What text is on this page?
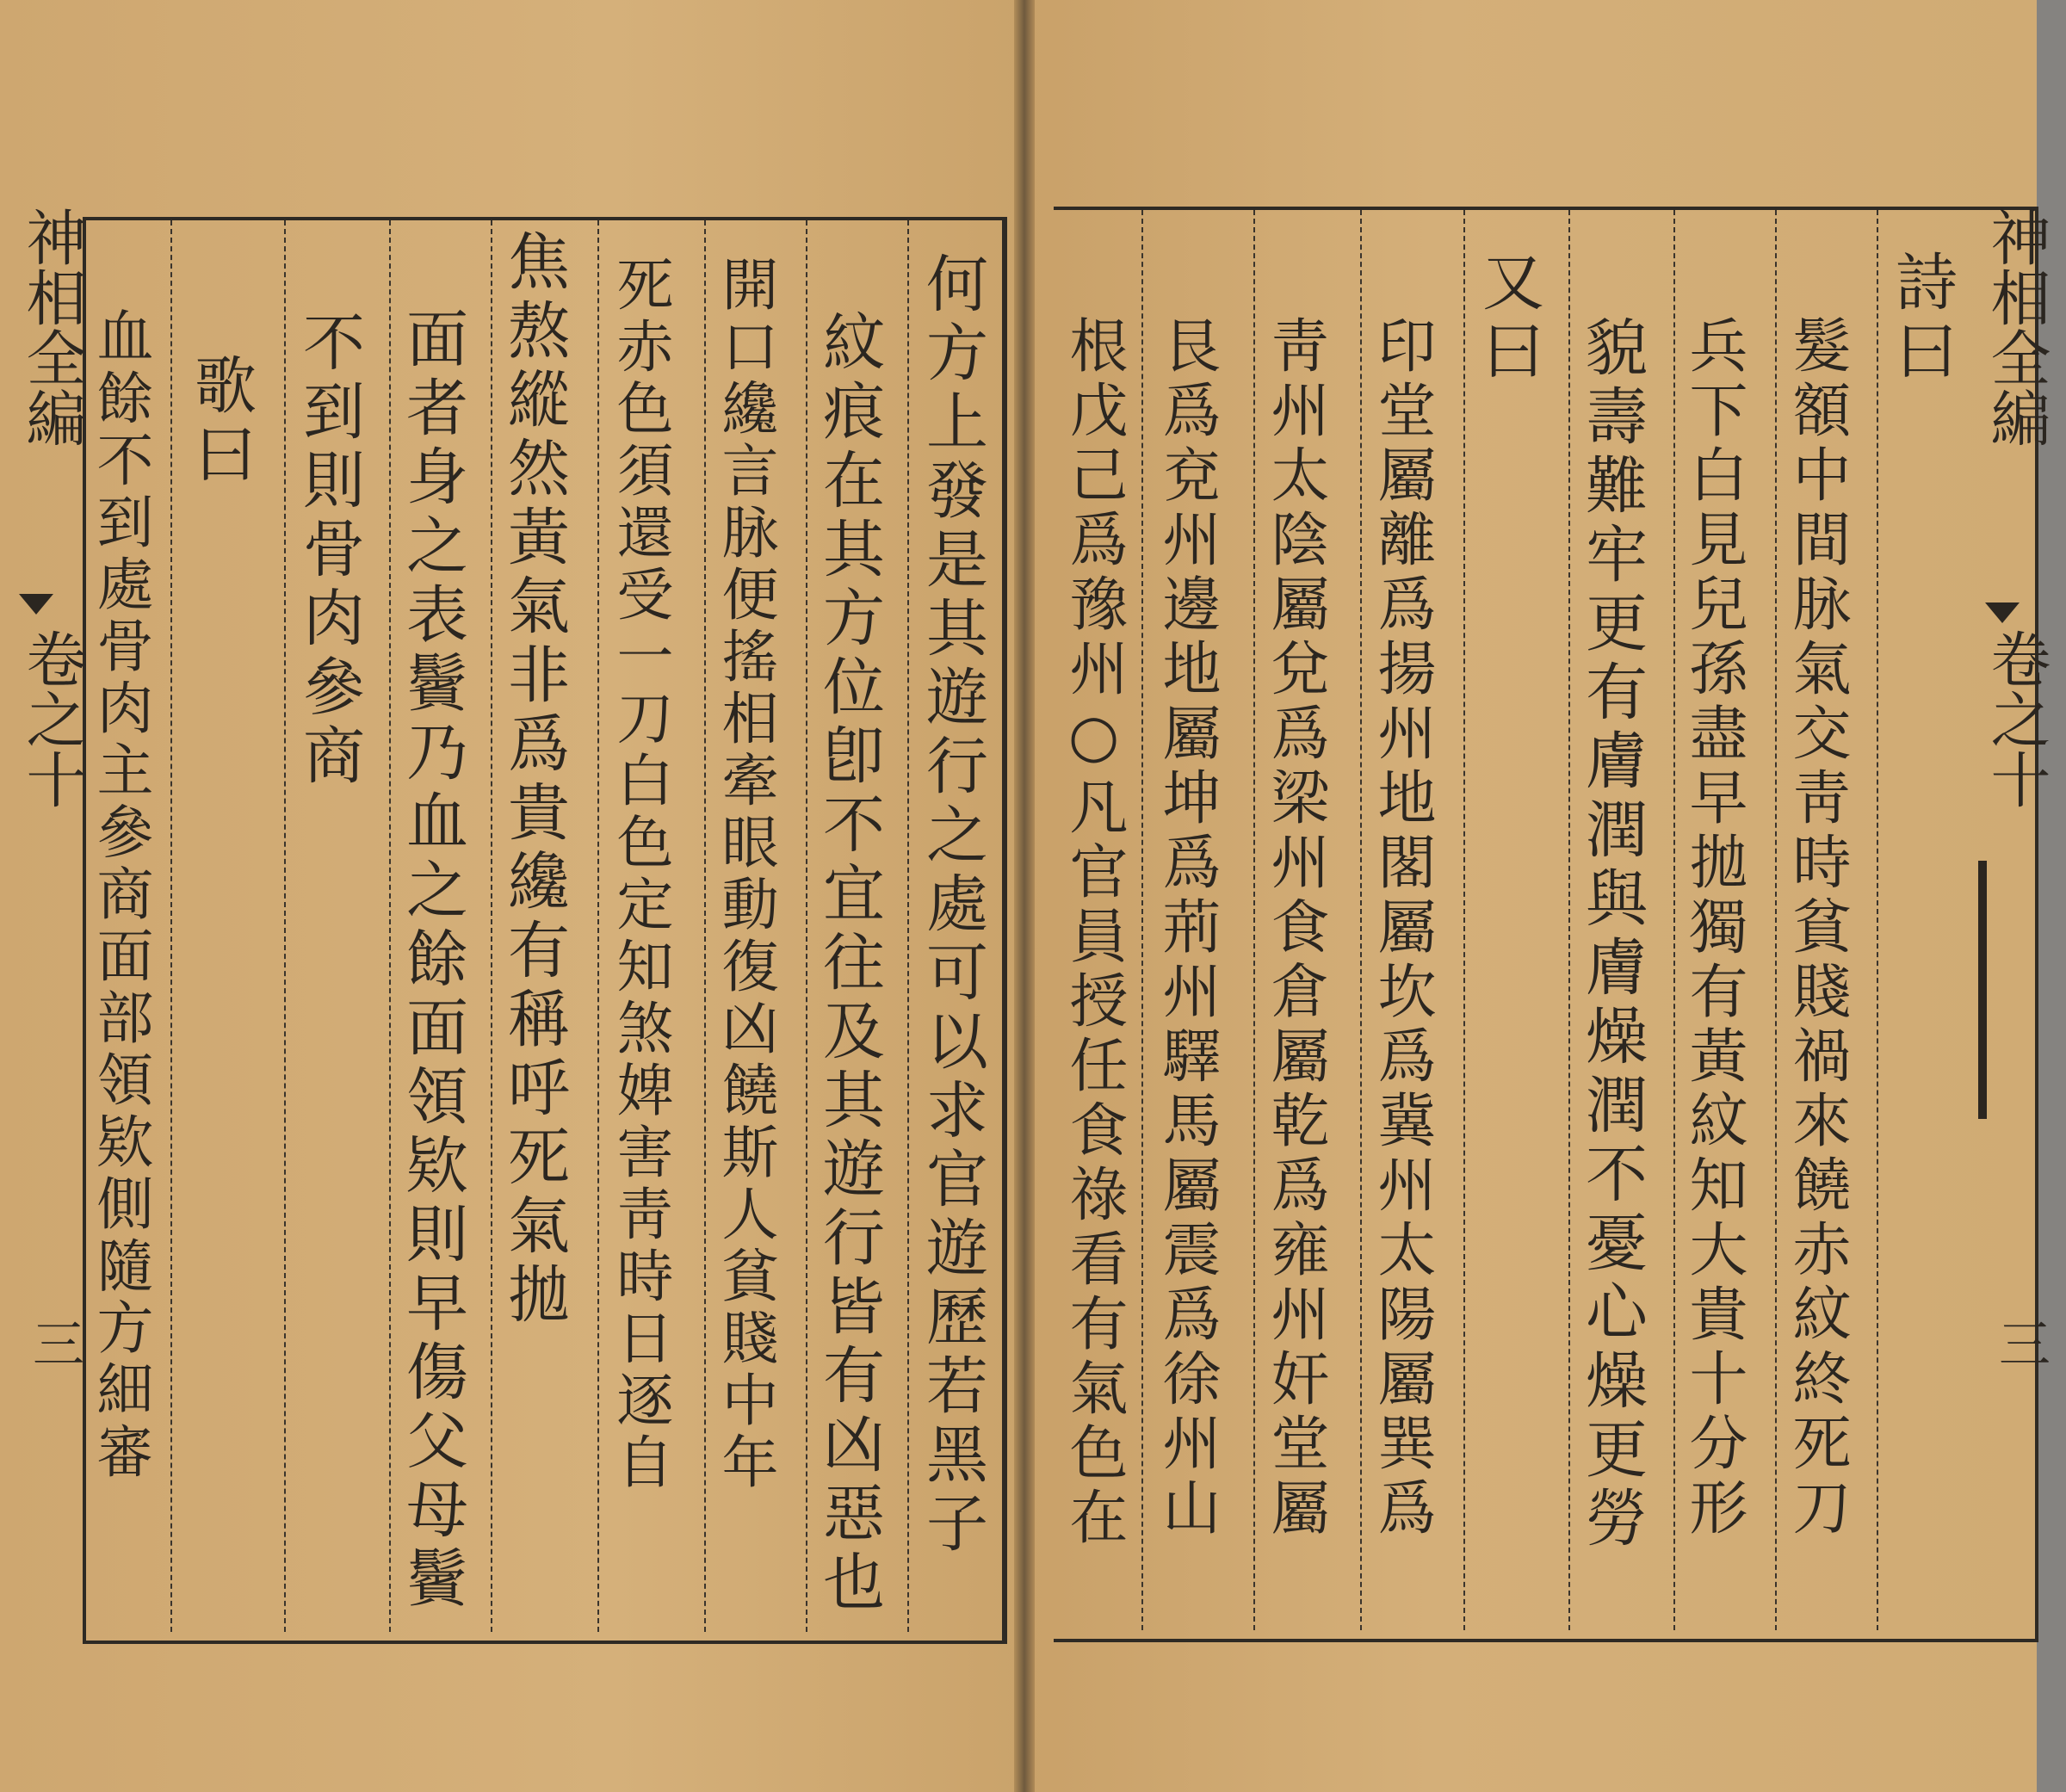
神相全編
卷之十
三
神相全編
卷之十
三
何方上發是其遊行之處可以求官遊歷若黑子
紋痕在其方位卽不宜往及其遊行皆有凶惡也
開口纔言脉便搖相牽眼動復凶饒斯人貧賤中年
死赤色須還受一刀白色定知煞婢害靑時日逐自
焦熬縱然黃氣非爲貴纔有稱呼死氣拋
面者身之表鬢乃血之餘面領欵則早傷父母鬢
不到則骨肉參商
歌曰
血餘不到處骨肉主參商面部領欵側隨方細審	詩曰
髮額中間脉氣交靑時貧賤禍來饒赤紋終死刀
兵下白見兒孫盡早拋獨有黃紋知大貴十分形
貌壽難牢更有膚潤與膚燥潤不憂心燥更勞
又曰
印堂屬離爲揚州地閣屬坎爲冀州太陽屬巽爲
靑州太陰屬兌爲梁州食倉屬乾爲雍州奸堂屬
艮爲兗州邊地屬坤爲荊州驛馬屬震爲徐州山
根戊己爲豫州○凡官員授任食祿看有氣色在
